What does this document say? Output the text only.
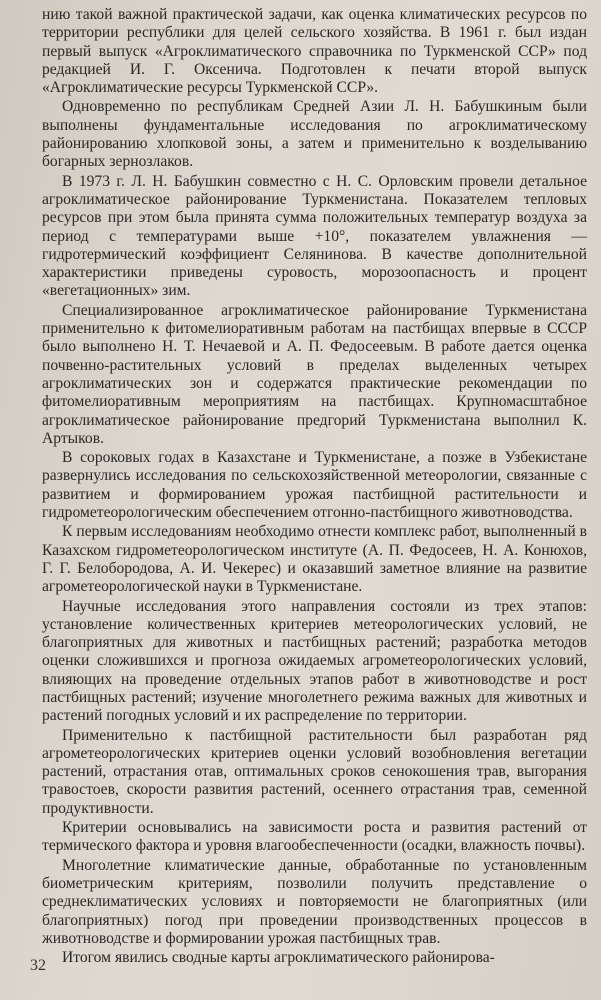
нию такой важной практической задачи, как оценка климатических ресурсов по территории республики для целей сельского хозяйства. В 1961 г. был издан первый выпуск «Агроклиматического справочника по Туркменской ССР» под редакцией И. Г. Оксенича. Подготовлен к печати второй выпуск «Агроклиматические ресурсы Туркменской ССР».

Одновременно по республикам Средней Азии Л. Н. Бабушкиным были выполнены фундаментальные исследования по агроклиматическому районированию хлопковой зоны, а затем и применительно к возделыванию богарных зернозлаков.

В 1973 г. Л. Н. Бабушкин совместно с Н. С. Орловским провели детальное агроклиматическое районирование Туркменистана. Показателем тепловых ресурсов при этом была принята сумма положительных температур воздуха за период с температурами выше +10°, показателем увлажнения — гидротермический коэффициент Селянинова. В качестве дополнительной характеристики приведены суровость, морозоопасность и процент «вегетационных» зим.

Специализированное агроклиматическое районирование Туркменистана применительно к фитомелиоративным работам на пастбищах впервые в СССР было выполнено Н. Т. Нечаевой и А. П. Федосеевым. В работе дается оценка почвенно-растительных условий в пределах выделенных четырех агроклиматических зон и содержатся практические рекомендации по фитомелиоративным мероприятиям на пастбищах. Крупномасштабное агроклиматическое районирование предгорий Туркменистана выполнил К. Артыков.

В сороковых годах в Казахстане и Туркменистане, а позже в Узбекистане развернулись исследования по сельскохозяйственной метеорологии, связанные с развитием и формированием урожая пастбищной растительности и гидрометеорологическим обеспечением отгонно-пастбищного животноводства.

К первым исследованиям необходимо отнести комплекс работ, выполненный в Казахском гидрометеорологическом институте (А. П. Федосеев, Н. А. Конюхов, Г. Г. Белобородова, А. И. Чекерес) и оказавший заметное влияние на развитие агрометеорологической науки в Туркменистане.

Научные исследования этого направления состояли из трех этапов: установление количественных критериев метеорологических условий, не благоприятных для животных и пастбищных растений; разработка методов оценки сложившихся и прогноза ожидаемых агрометеорологических условий, влияющих на проведение отдельных этапов работ в животноводстве и рост пастбищных растений; изучение многолетнего режима важных для животных и растений погодных условий и их распределение по территории.

Применительно к пастбищной растительности был разработан ряд агрометеорологических критериев оценки условий возобновления вегетации растений, отрастания отав, оптимальных сроков сенокошения трав, выгорания травостоев, скорости развития растений, осеннего отрастания трав, семенной продуктивности.

Критерии основывались на зависимости роста и развития растений от термического фактора и уровня влагообеспеченности (осадки, влажность почвы).

Многолетние климатические данные, обработанные по установленным биометрическим критериям, позволили получить представление о среднеклиматических условиях и повторяемости не благоприятных (или благоприятных) погод при проведении производственных процессов в животноводстве и формировании урожая пастбищных трав.

Итогом явились сводные карты агроклиматического районирова-

32
